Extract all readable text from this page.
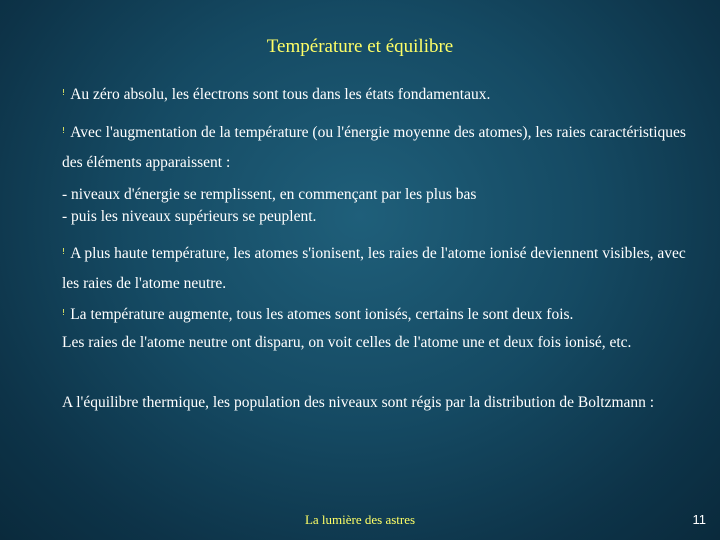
Température et équilibre
! Au zéro absolu, les électrons sont tous dans les états fondamentaux.
! Avec l'augmentation de la température (ou l'énergie moyenne des atomes), les raies caractéristiques des éléments apparaissent :
- niveaux d'énergie se remplissent, en commençant par les plus bas
- puis les niveaux supérieurs se peuplent.
! A plus haute température, les atomes s'ionisent, les raies de l'atome ionisé deviennent visibles, avec les raies de l'atome neutre.
! La température augmente, tous les atomes sont ionisés, certains le sont deux fois.
Les raies de l'atome neutre ont disparu, on voit celles de l'atome une et deux fois ionisé, etc.
A l'équilibre thermique, les population des niveaux sont régis par la distribution de Boltzmann :
La lumière des astres	11
